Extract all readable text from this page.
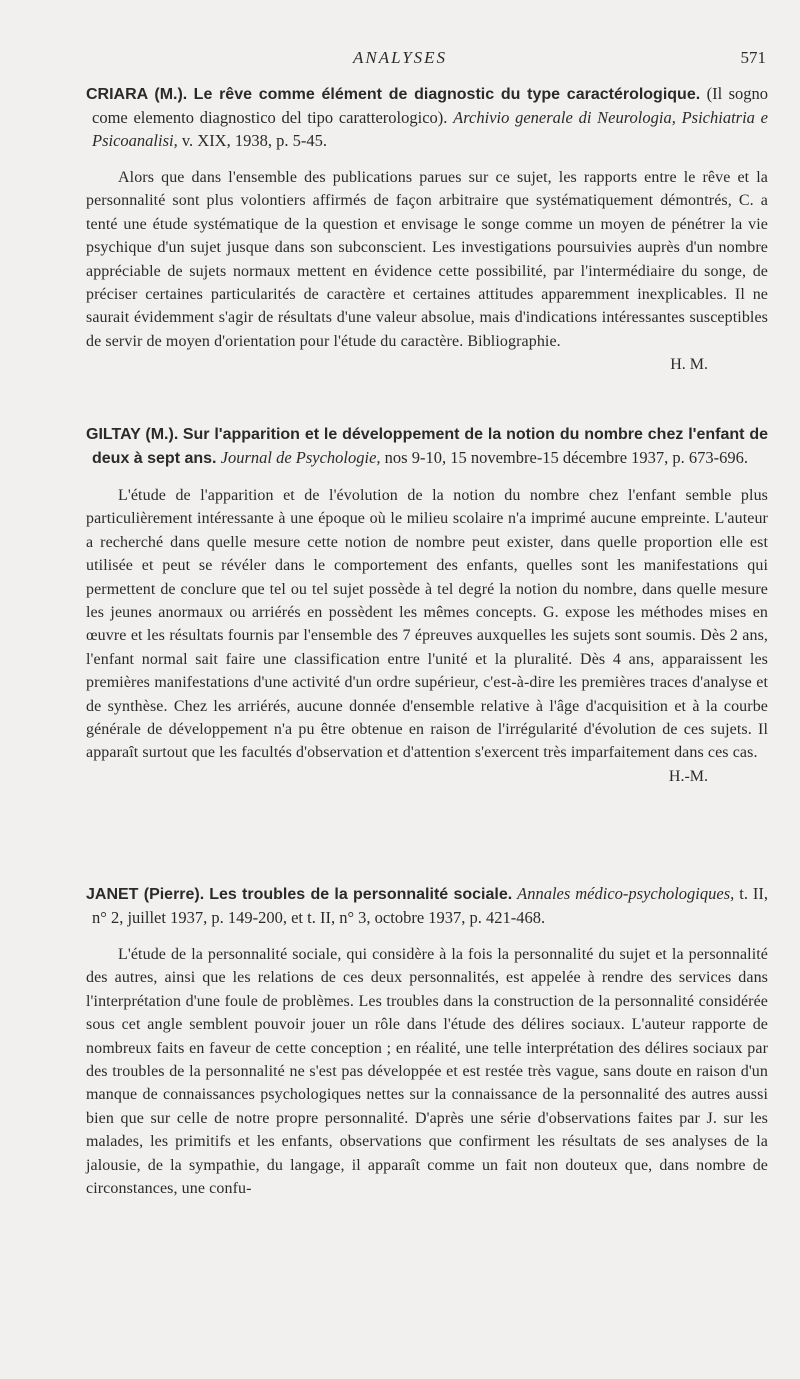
ANALYSES	571
CRIARA (M.). Le rêve comme élément de diagnostic du type caractérologique. (Il sogno come elemento diagnostico del tipo caratterologico). Archivio generale di Neurologia, Psichiatria e Psicoanalisi, v. XIX, 1938, p. 5-45.
Alors que dans l'ensemble des publications parues sur ce sujet, les rapports entre le rêve et la personnalité sont plus volontiers affirmés de façon arbitraire que systématiquement démontrés, C. a tenté une étude systématique de la question et envisage le songe comme un moyen de pénétrer la vie psychique d'un sujet jusque dans son subconscient. Les investigations poursuivies auprès d'un nombre appréciable de sujets normaux mettent en évidence cette possibilité, par l'intermédiaire du songe, de préciser certaines particularités de caractère et certaines attitudes apparemment inexplicables. Il ne saurait évidemment s'agir de résultats d'une valeur absolue, mais d'indications intéressantes susceptibles de servir de moyen d'orientation pour l'étude du caractère. Bibliographie.
H. M.
GILTAY (M.). Sur l'apparition et le développement de la notion du nombre chez l'enfant de deux à sept ans. Journal de Psychologie, nos 9-10, 15 novembre-15 décembre 1937, p. 673-696.
L'étude de l'apparition et de l'évolution de la notion du nombre chez l'enfant semble plus particulièrement intéressante à une époque où le milieu scolaire n'a imprimé aucune empreinte. L'auteur a recherché dans quelle mesure cette notion de nombre peut exister, dans quelle proportion elle est utilisée et peut se révéler dans le comportement des enfants, quelles sont les manifestations qui permettent de conclure que tel ou tel sujet possède à tel degré la notion du nombre, dans quelle mesure les jeunes anormaux ou arriérés en possèdent les mêmes concepts. G. expose les méthodes mises en œuvre et les résultats fournis par l'ensemble des 7 épreuves auxquelles les sujets sont soumis. Dès 2 ans, l'enfant normal sait faire une classification entre l'unité et la pluralité. Dès 4 ans, apparaissent les premières manifestations d'une activité d'un ordre supérieur, c'est-à-dire les premières traces d'analyse et de synthèse. Chez les arriérés, aucune donnée d'ensemble relative à l'âge d'acquisition et à la courbe générale de développement n'a pu être obtenue en raison de l'irrégularité d'évolution de ces sujets. Il apparaît surtout que les facultés d'observation et d'attention s'exercent très imparfaitement dans ces cas.
H.-M.
JANET (Pierre). Les troubles de la personnalité sociale. Annales médico-psychologiques, t. II, n° 2, juillet 1937, p. 149-200, et t. II, n° 3, octobre 1937, p. 421-468.
L'étude de la personnalité sociale, qui considère à la fois la personnalité du sujet et la personnalité des autres, ainsi que les relations de ces deux personnalités, est appelée à rendre des services dans l'interprétation d'une foule de problèmes. Les troubles dans la construction de la personnalité considérée sous cet angle semblent pouvoir jouer un rôle dans l'étude des délires sociaux. L'auteur rapporte de nombreux faits en faveur de cette conception ; en réalité, une telle interprétation des délires sociaux par des troubles de la personnalité ne s'est pas développée et est restée très vague, sans doute en raison d'un manque de connaissances psychologiques nettes sur la connaissance de la personnalité des autres aussi bien que sur celle de notre propre personnalité. D'après une série d'observations faites par J. sur les malades, les primitifs et les enfants, observations que confirment les résultats de ses analyses de la jalousie, de la sympathie, du langage, il apparaît comme un fait non douteux que, dans nombre de circonstances, une confu-
